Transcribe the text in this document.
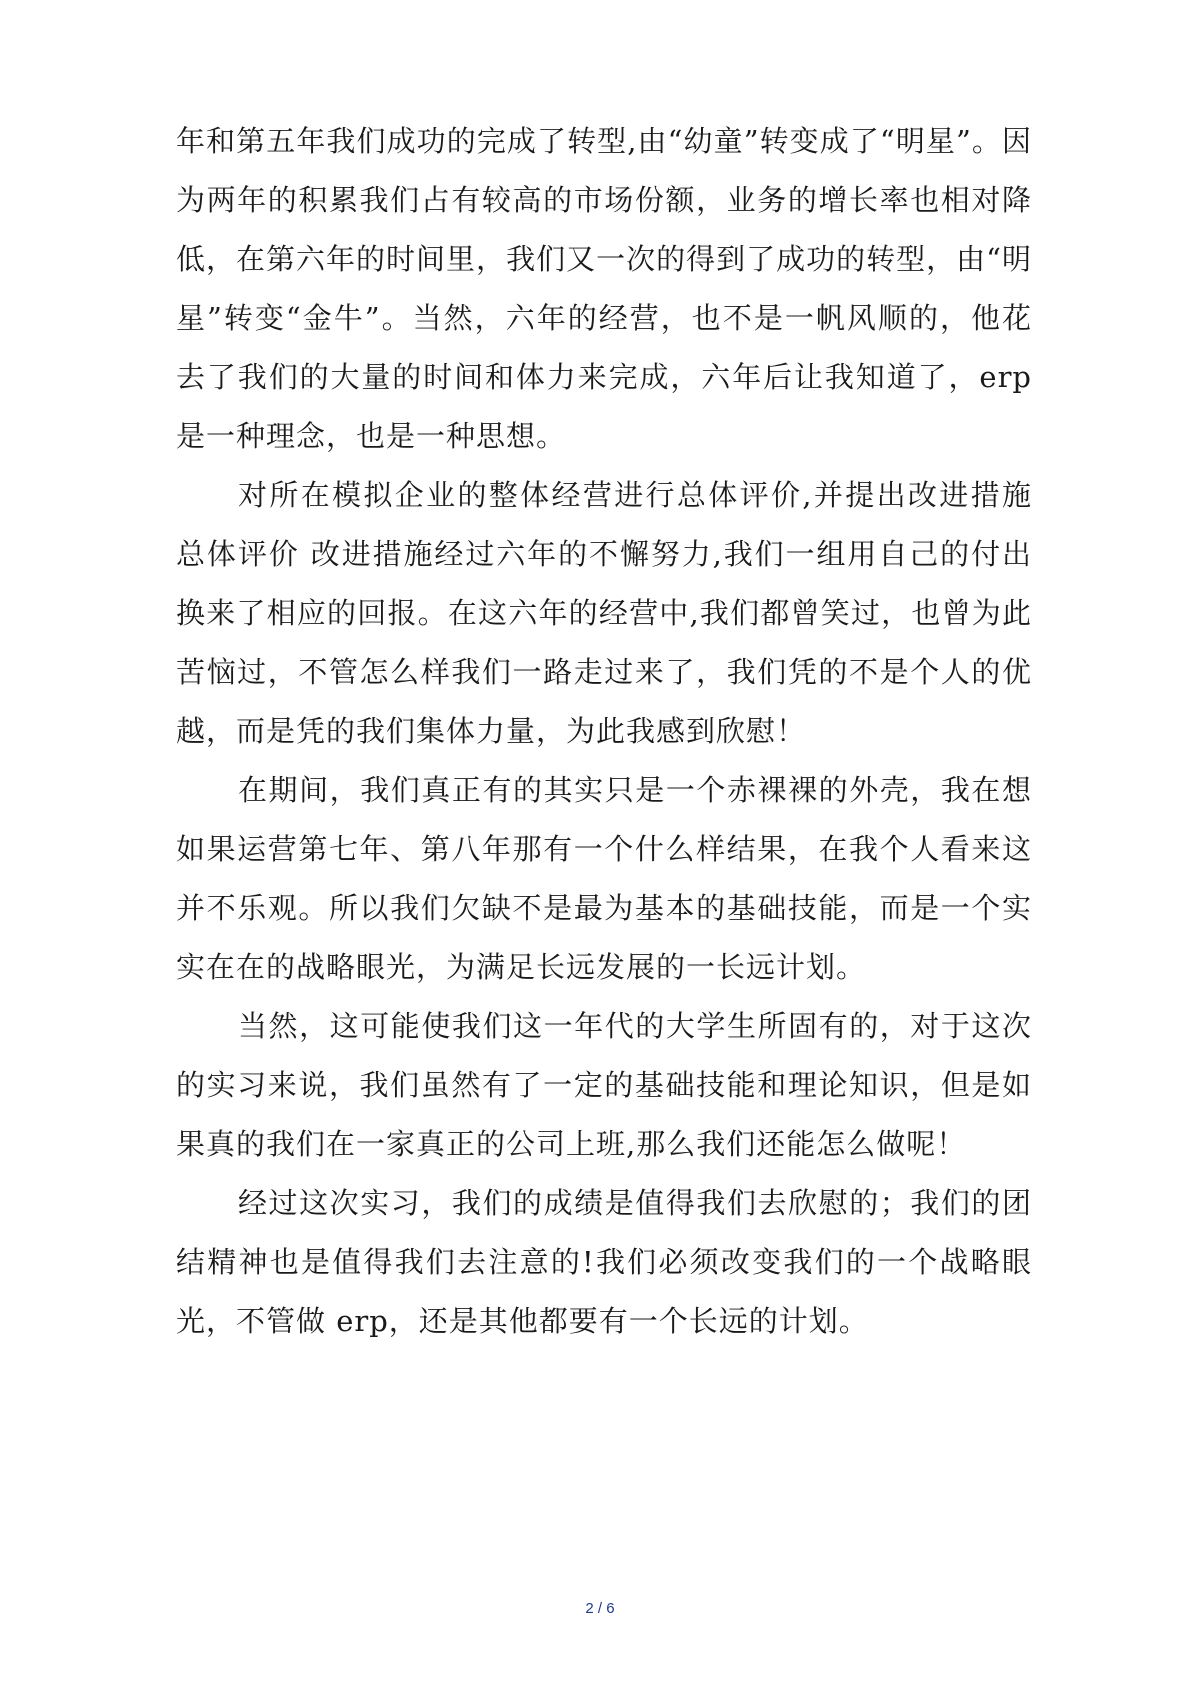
年和第五年我们成功的完成了转型,由“幼童”转变成了“明星”。因为两年的积累我们占有较高的市场份额，业务的增长率也相对降低，在第六年的时间里，我们又一次的得到了成功的转型，由“明星”转变“金牛”。当然，六年的经营，也不是一帆风顺的，他花去了我们的大量的时间和体力来完成，六年后让我知道了，erp 是一种理念，也是一种思想。

对所在模拟企业的整体经营进行总体评价,并提出改进措施 总体评价 改进措施经过六年的不懈努力,我们一组用自己的付出换来了相应的回报。在这六年的经营中,我们都曾笑过，也曾为此苦恼过，不管怎么样我们一路走过来了，我们凭的不是个人的优越，而是凭的我们集体力量，为此我感到欣慰！

在期间，我们真正有的其实只是一个赤裸裸的外壳，我在想如果运营第七年、第八年那有一个什么样结果，在我个人看来这并不乐观。所以我们欠缺不是最为基本的基础技能，而是一个实实在在的战略眼光，为满足长远发展的一长远计划。

当然，这可能使我们这一年代的大学生所固有的，对于这次的实习来说，我们虽然有了一定的基础技能和理论知识，但是如果真的我们在一家真正的公司上班,那么我们还能怎么做呢！

经过这次实习，我们的成绩是值得我们去欣慰的；我们的团结精神也是值得我们去注意的!我们必须改变我们的一个战略眼光，不管做 erp，还是其他都要有一个长远的计划。

2 / 6
